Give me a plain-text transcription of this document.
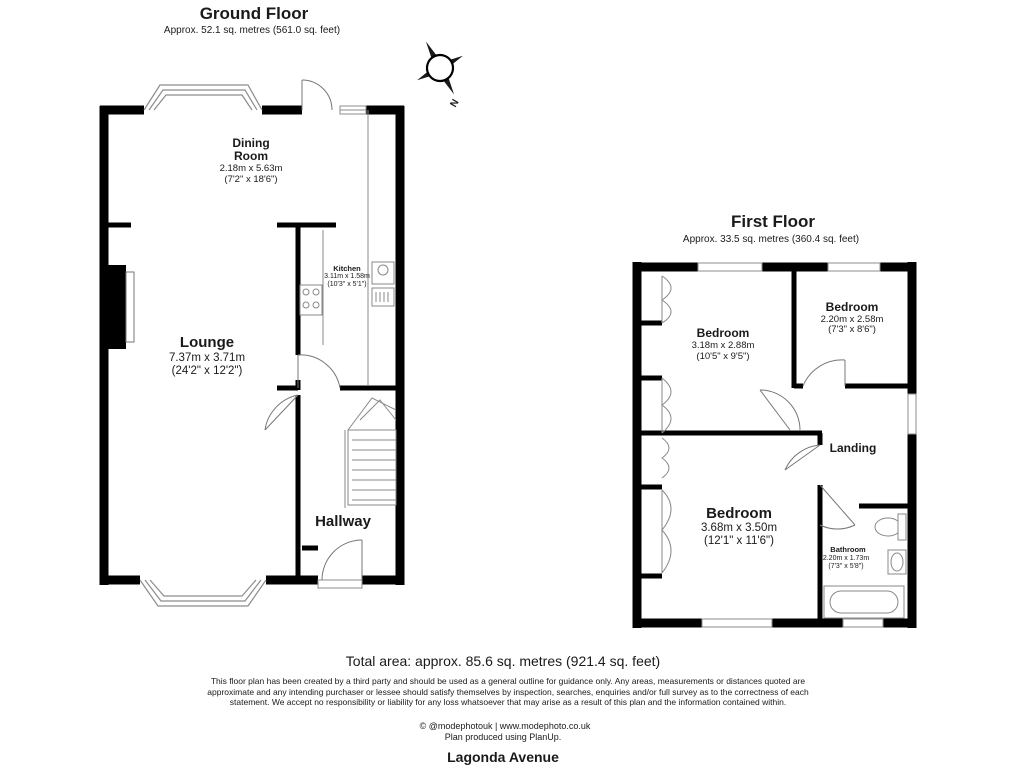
Ground Floor
Approx. 52.1 sq. metres (561.0 sq. feet)
Dining
Room
2.18m x 5.63m
(7'2" x 18'6")
Lounge
7.37m x 3.71m
(24'2" x 12'2")
Kitchen
3.11m x 1.58m
(10'3" x 5'1")
Hallway
N
First Floor
Approx. 33.5 sq. metres (360.4 sq. feet)
Bedroom
2.20m x 2.58m
(7'3" x 8'6")
Bedroom
3.18m x 2.88m
(10'5" x 9'5")
Landing
Bedroom
3.68m x 3.50m
(12'1" x 11'6")
Bathroom
2.20m x 1.73m
(7'3" x 5'8")
Total area: approx. 85.6 sq. metres (921.4 sq. feet)
This floor plan has been created by a third party and should be used as a general outline for guidance only. Any areas, measurements or distances quoted are
approximate and any intending purchaser or lessee should satisfy themselves by inspection, searches, enquiries and/or full survey as to the correctness of each
statement. We accept no responsibility or liability for any loss whatsoever that may arise as a result of this plan and the information contained within.
© @modephotouk | www.modephoto.co.uk
Plan produced using PlanUp.
Lagonda Avenue
